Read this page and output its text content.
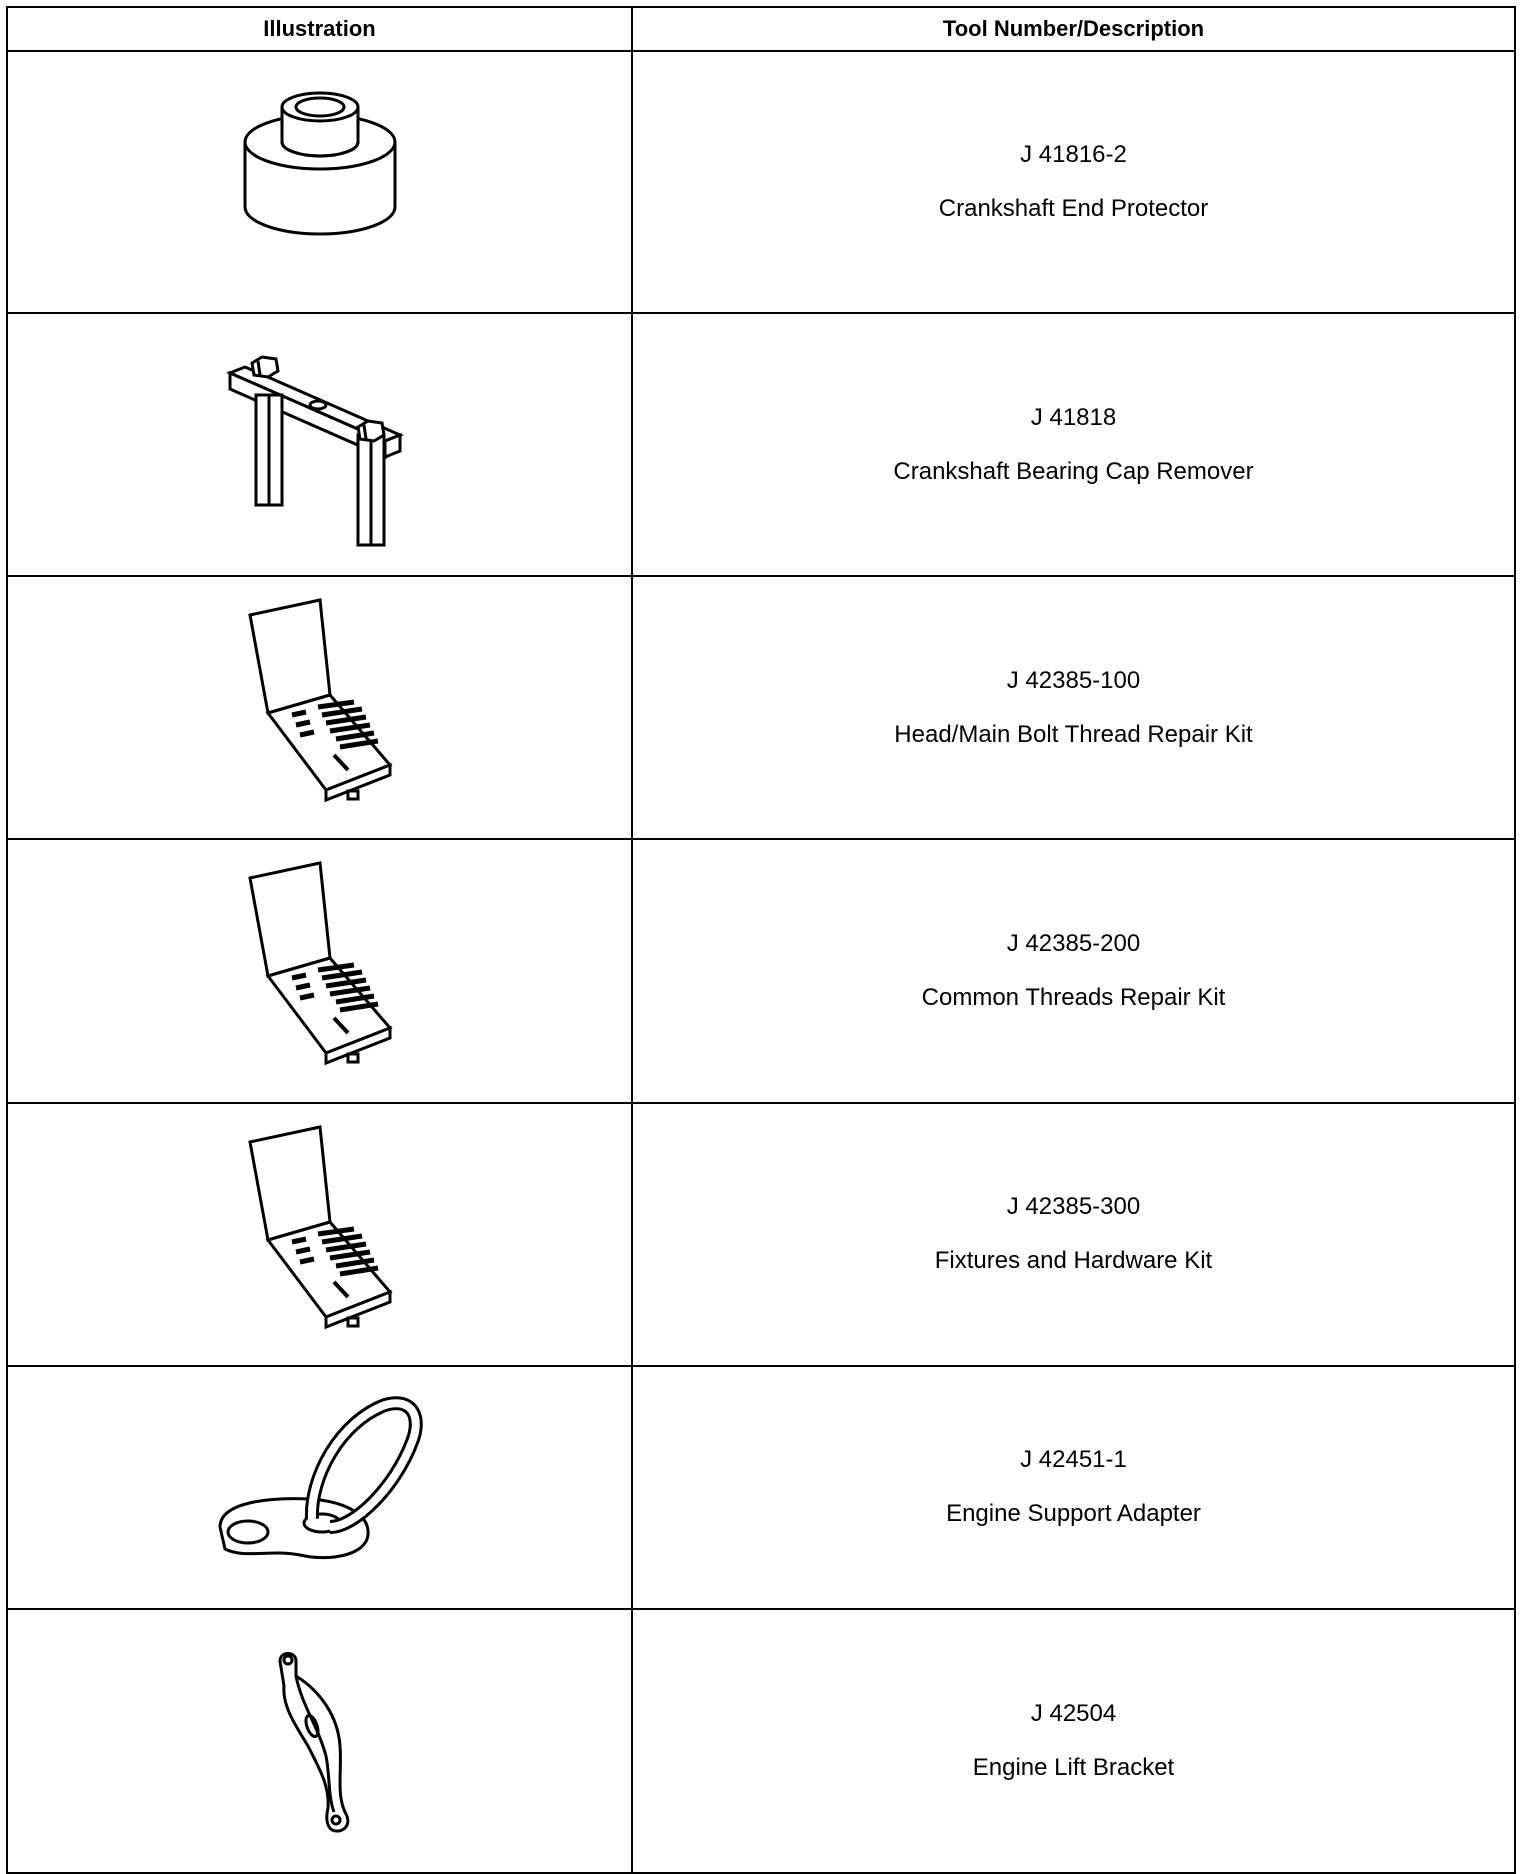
Illustration	Tool Number/Description

J 41816-2
Crankshaft End Protector

J 41818
Crankshaft Bearing Cap Remover

J 42385-100
Head/Main Bolt Thread Repair Kit

J 42385-200
Common Threads Repair Kit

J 42385-300
Fixtures and Hardware Kit

J 42451-1
Engine Support Adapter

J 42504
Engine Lift Bracket
